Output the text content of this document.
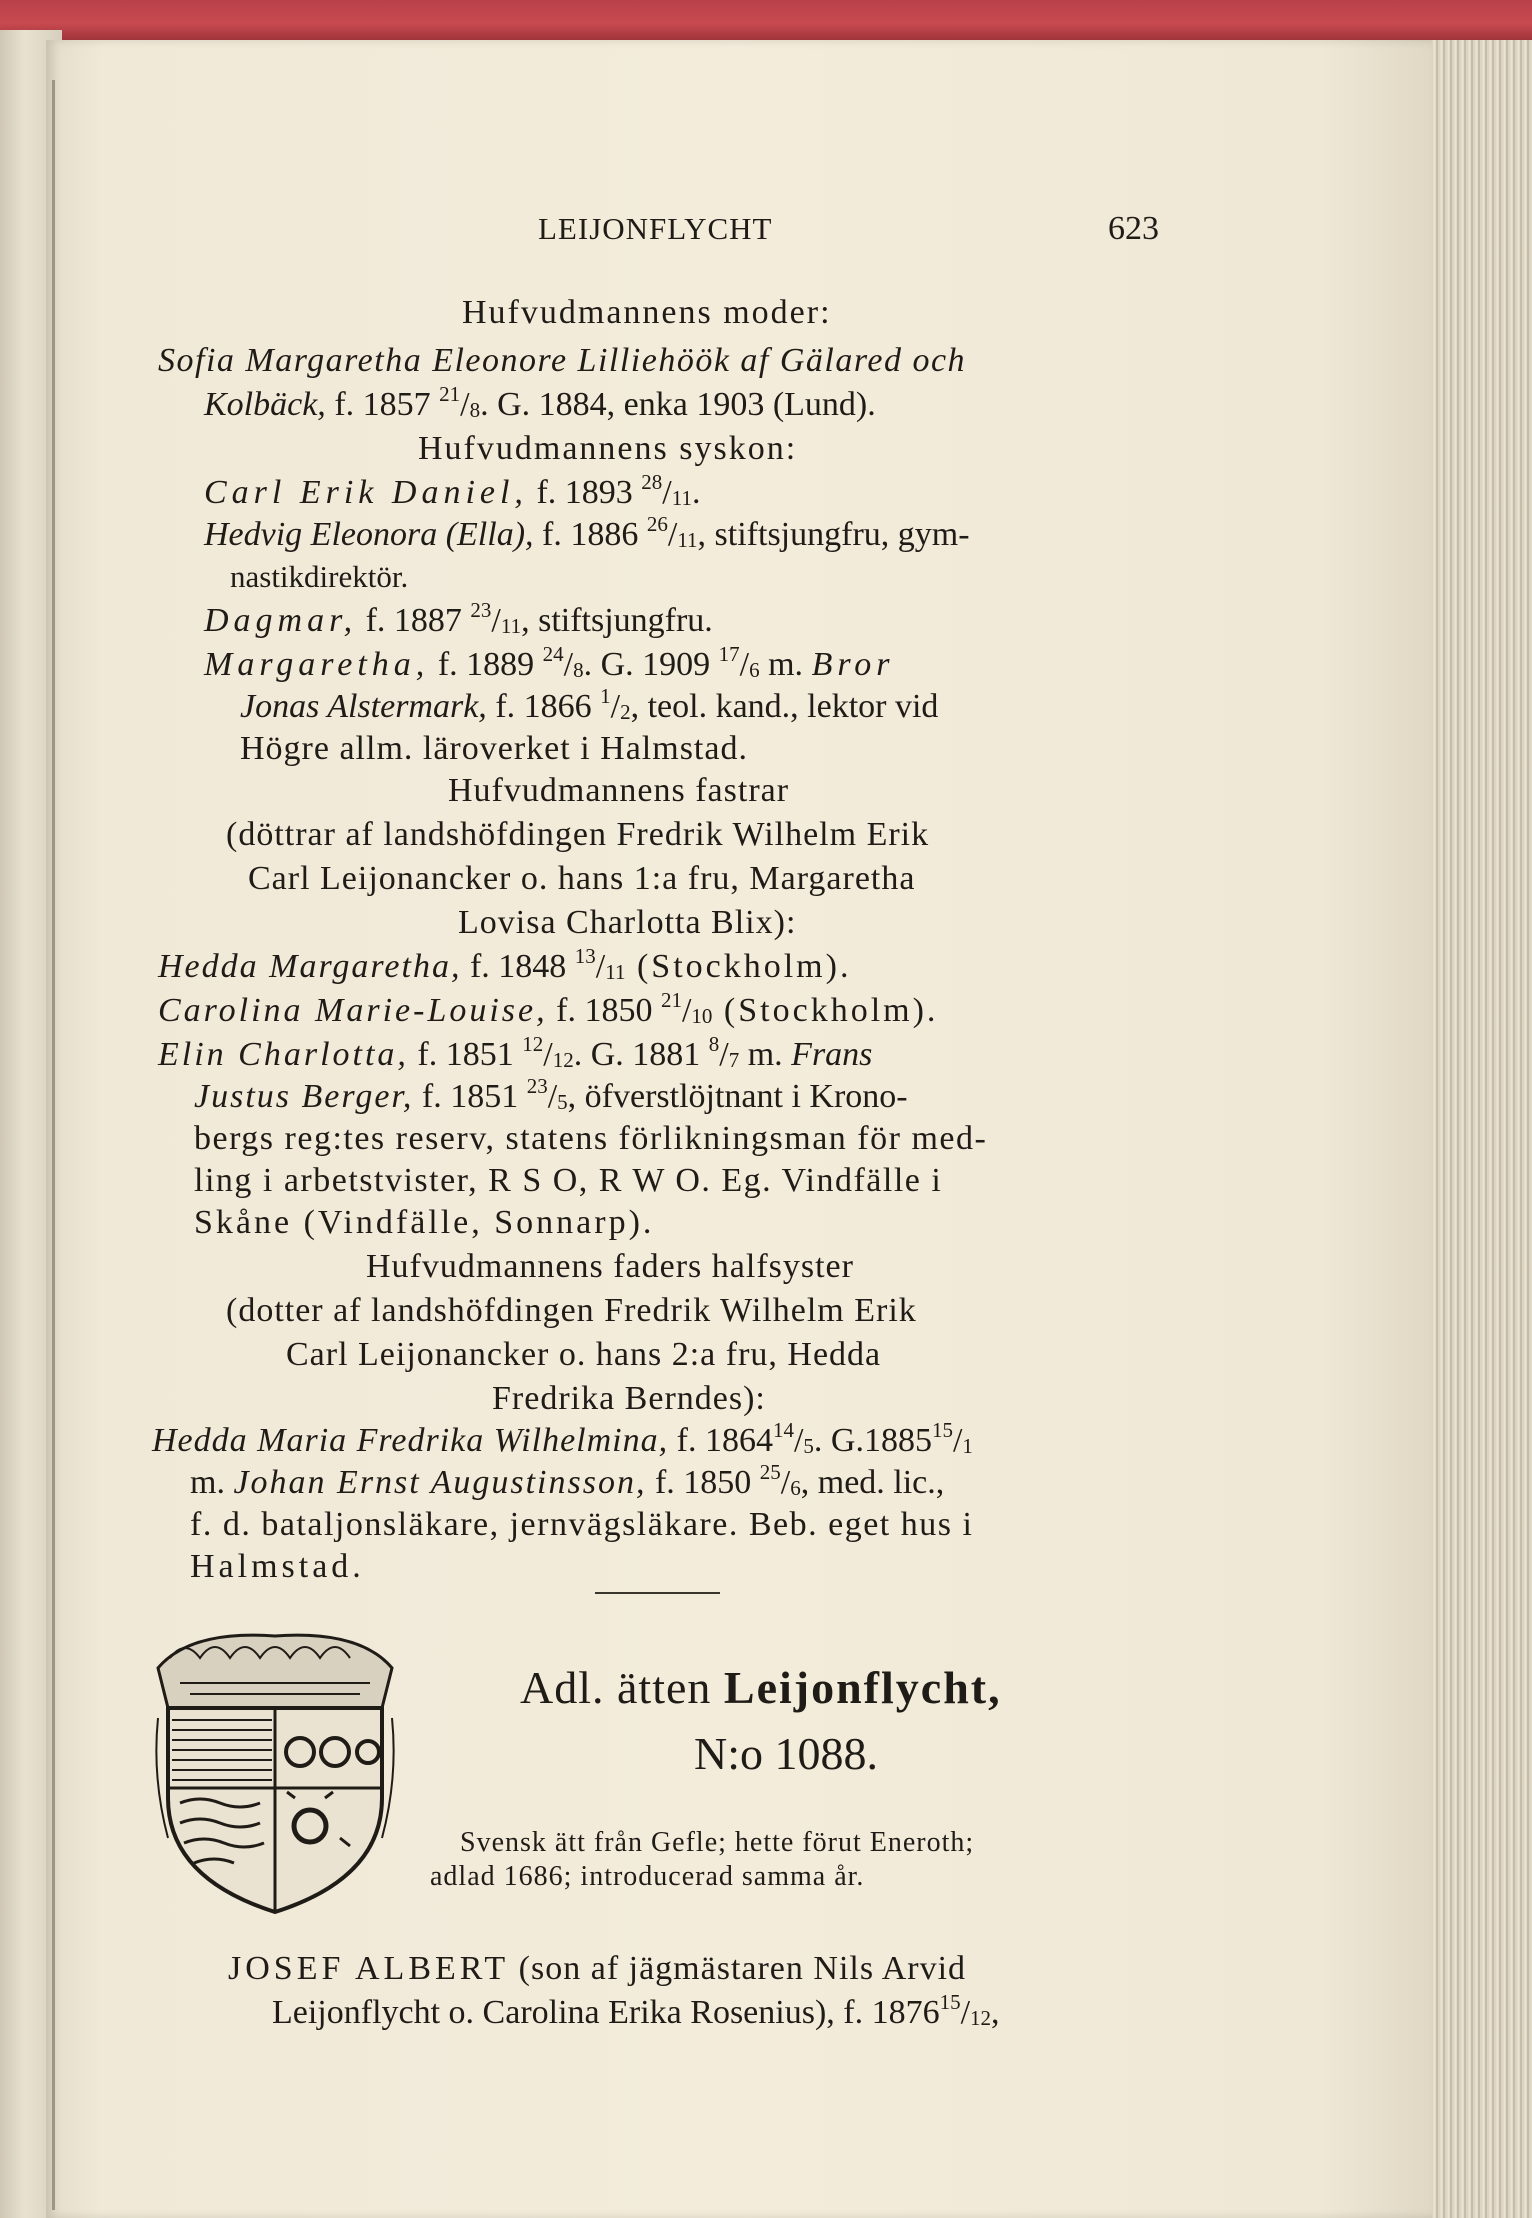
LEIJONFLYCHT	623

Hufvudmannens moder:

Sofia Margaretha Eleonore Lilliehöök af Gälared och

Kolbäck, f. 1857 $^{21}$/8. G. 1884, enka 1903 (Lund).

Hufvudmannens syskon:

Carl Erik Daniel, f. 1893 $^{28}$/11.

Hedvig Eleonora (Ella), f. 1886 $^{26}$/11, stiftsjungfru, gym-

nastikdirektör.

Dagmar, f. 1887 $^{23}$/11, stiftsjungfru.

Margaretha, f. 1889 $^{24}$/8. G. 1909 $^{17}$/6 m. Bror

Jonas Alstermark, f. 1866 $^1$/2, teol. kand., lektor vid

Högre allm. läroverket i Halmstad.

Hufvudmannens fastrar

(döttrar af landshöfdingen Fredrik Wilhelm Erik

Carl Leijonancker o. hans 1:a fru, Margaretha

Lovisa Charlotta Blix):

Hedda Margaretha, f. 1848 $^{13}$/11 (Stockholm).

Carolina Marie-Louise, f. 1850 $^{21}$/10 (Stockholm).

Elin Charlotta, f. 1851 $^{12}$/12. G. 1881 $^8$/7 m. Frans

Justus Berger, f. 1851 $^{23}$/5, öfverstlöjtnant i Krono-

bergs reg:tes reserv, statens förlikningsman för med-

ling i arbetstvister, R S O, R W O. Eg. Vindfälle i

Skåne (Vindfälle, Sonnarp).

Hufvudmannens faders halfsyster

(dotter af landshöfdingen Fredrik Wilhelm Erik

Carl Leijonancker o. hans 2:a fru, Hedda

Fredrika Berndes):

Hedda Maria Fredrika Wilhelmina, f. 1864$^{14}$/5. G.1885$^{15}$/1

m. Johan Ernst Augustinsson, f. 1850 $^{25}$/6, med. lic.,

f. d. bataljonsläkare, jernvägsläkare. Beb. eget hus i

Halmstad.

Adl. ätten Leijonflycht,

N:o 1088.

Svensk ätt från Gefle; hette förut Eneroth;

adlad 1686; introducerad samma år.

JOSEF ALBERT (son af jägmästaren Nils Arvid

Leijonflycht o. Carolina Erika Rosenius), f. 1876$^{15}$/12,
